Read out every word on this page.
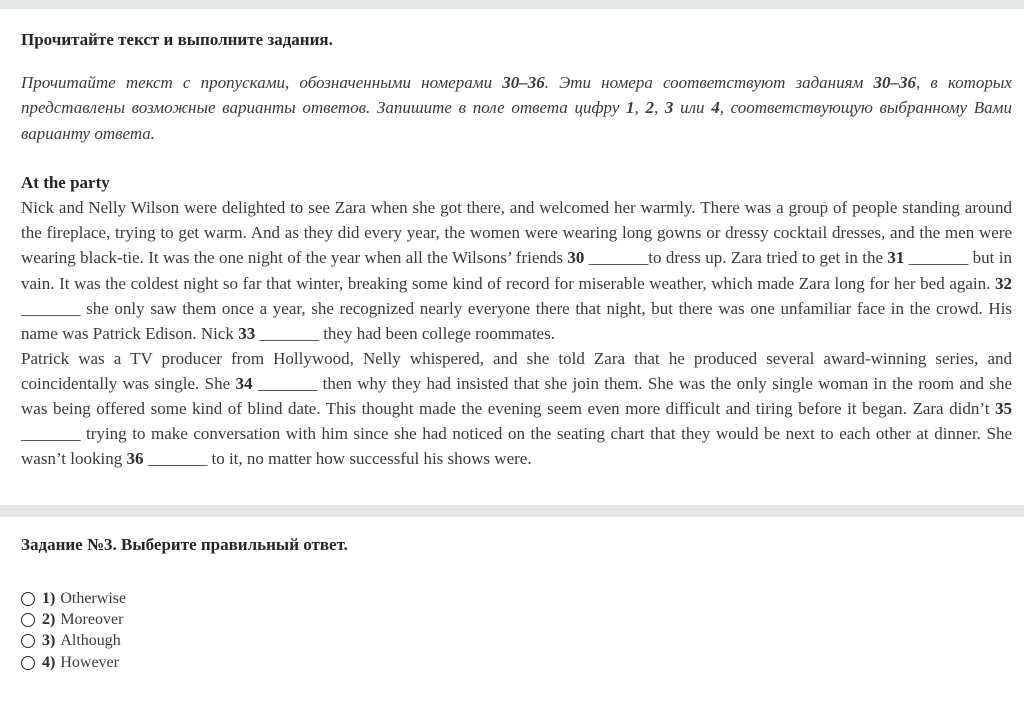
Прочитайте текст и выполните задания.

Прочитайте текст с пропусками, обозначенными номерами 30–36. Эти номера соответствуют заданиям 30–36, в которых представлены возможные варианты ответов. Запишите в поле ответа цифру 1, 2, 3 или 4, соответствующую выбранному Вами варианту ответа.

At the party

Nick and Nelly Wilson were delighted to see Zara when she got there, and welcomed her warmly. There was a group of people standing around the fireplace, trying to get warm. And as they did every year, the women were wearing long gowns or dressy cocktail dresses, and the men were wearing black-tie. It was the one night of the year when all the Wilsons’ friends 30 _______to dress up. Zara tried to get in the 31 _______ but in vain. It was the coldest night so far that winter, breaking some kind of record for miserable weather, which made Zara long for her bed again. 32 _______ she only saw them once a year, she recognized nearly everyone there that night, but there was one unfamiliar face in the crowd. His name was Patrick Edison. Nick 33 _______ they had been college roommates.

Patrick was a TV producer from Hollywood, Nelly whispered, and she told Zara that he produced several award-winning series, and coincidentally was single. She 34 _______ then why they had insisted that she join them. She was the only single woman in the room and she was being offered some kind of blind date. This thought made the evening seem even more difficult and tiring before it began. Zara didn’t 35 _______ trying to make conversation with him since she had noticed on the seating chart that they would be next to each other at dinner. She wasn’t looking 36 _______ to it, no matter how successful his shows were.

Задание №3. Выберите правильный ответ.
1) Otherwise
2) Moreover
3) Although
4) However
